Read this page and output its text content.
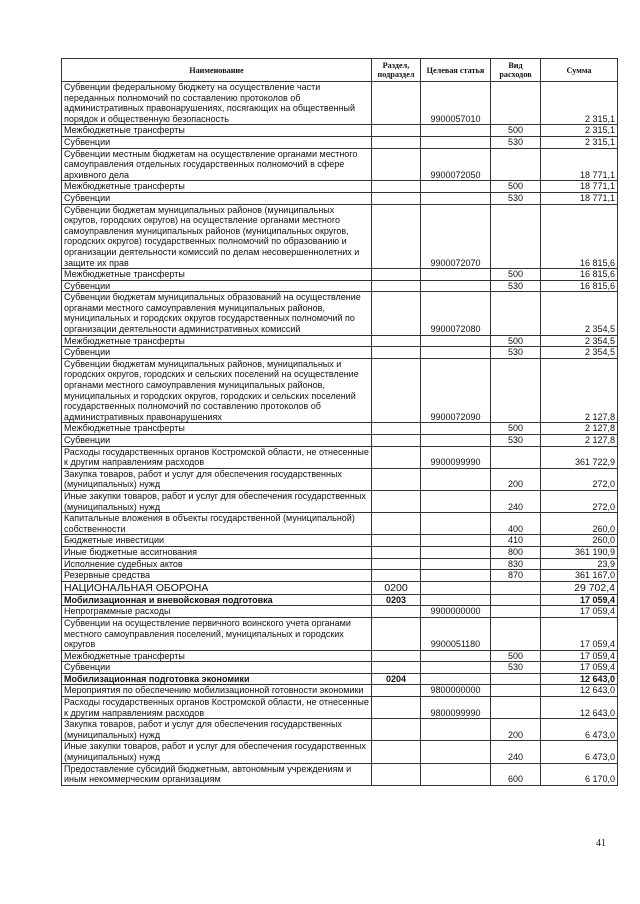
Наименование	Раздел, подраздел	Целевая статья	Вид расходов	Сумма
Субвенции федеральному бюджету на осуществление части переданных полномочий по составлению протоколов об административных правонарушениях, посягающих на общественный порядок и общественную безопасность		9900057010		2 315,1
Межбюджетные трансферты			500	2 315,1
Субвенции			530	2 315,1
Субвенции местным бюджетам на осуществление органами местного самоуправления отдельных государственных полномочий в сфере архивного дела		9900072050		18 771,1
Межбюджетные трансферты			500	18 771,1
Субвенции			530	18 771,1
Субвенции бюджетам муниципальных районов (муниципальных округов, городских округов) на осуществление органами местного самоуправления муниципальных районов (муниципальных округов, городских округов) государственных полномочий по образованию и организации деятельности комиссий по делам несовершеннолетних и защите их прав		9900072070		16 815,6
Межбюджетные трансферты			500	16 815,6
Субвенции			530	16 815,6
Субвенции бюджетам муниципальных образований на осуществление органами местного самоуправления муниципальных районов, муниципальных и городских округов государственных полномочий по организации деятельности административных комиссий		9900072080		2 354,5
Межбюджетные трансферты			500	2 354,5
Субвенции			530	2 354,5
Субвенции бюджетам муниципальных районов, муниципальных и городских округов, городских и сельских поселений на осуществление органами местного самоуправления муниципальных районов, муниципальных и городских округов, городских и сельских поселений государственных полномочий по составлению протоколов об административных правонарушениях		9900072090		2 127,8
Межбюджетные трансферты			500	2 127,8
Субвенции			530	2 127,8
Расходы государственных органов Костромской области, не отнесенные к другим направлениям расходов		9900099990		361 722,9
Закупка товаров, работ и услуг для обеспечения государственных (муниципальных) нужд			200	272,0
Иные закупки товаров, работ и услуг для обеспечения государственных (муниципальных) нужд			240	272,0
Капитальные вложения в объекты государственной (муниципальной) собственности			400	260,0
Бюджетные инвестиции			410	260,0
Иные бюджетные ассигнования			800	361 190,9
Исполнение судебных актов			830	23,9
Резервные средства			870	361 167,0
НАЦИОНАЛЬНАЯ ОБОРОНА	0200			29 702,4
Мобилизационная и вневойсковая подготовка	0203			17 059,4
Непрограммные расходы		9900000000		17 059,4
Субвенции на осуществление первичного воинского учета органами местного самоуправления поселений, муниципальных и городских округов		9900051180		17 059,4
Межбюджетные трансферты			500	17 059,4
Субвенции			530	17 059,4
Мобилизационная подготовка экономики	0204			12 643,0
Мероприятия по обеспечению мобилизационной готовности экономики		9800000000		12 643,0
Расходы государственных органов Костромской области, не отнесенные к другим направлениям расходов		9800099990		12 643,0
Закупка товаров, работ и услуг для обеспечения государственных (муниципальных) нужд			200	6 473,0
Иные закупки товаров, работ и услуг для обеспечения государственных (муниципальных) нужд			240	6 473,0
Предоставление субсидий бюджетным, автономным учреждениям и иным некоммерческим организациям			600	6 170,0
41
